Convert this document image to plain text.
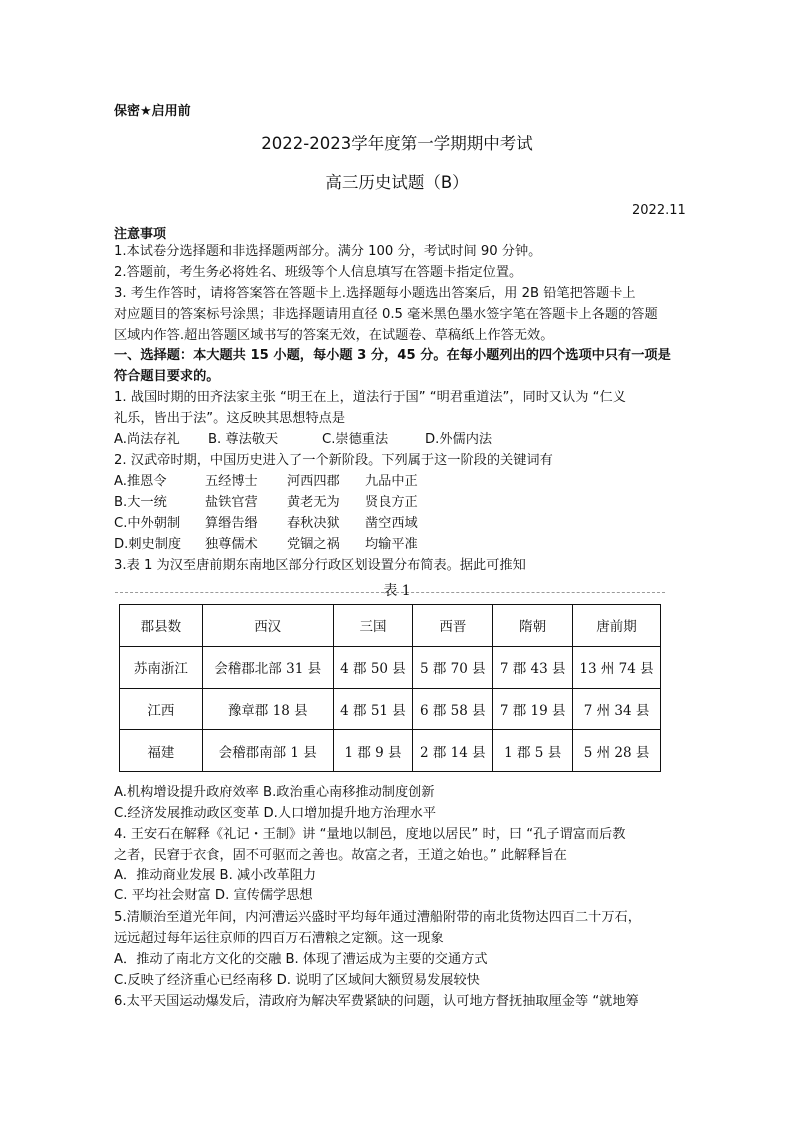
保密★启用前
2022-2023学年度第一学期期中考试
高三历史试题（B）
2022.11
注意事项
1.本试卷分选择题和非选择题两部分。满分 100 分，考试时间 90 分钟。
2.答题前，考生务必将姓名、班级等个人信息填写在答题卡指定位置。
3. 考生作答时，请将答案答在答题卡上.选择题每小题选出答案后，用 2B 铅笔把答题卡上
对应题目的答案标号涂黑；非选择题请用直径 0.5 毫米黑色墨水签字笔在答题卡上各题的答题
区域内作答.超出答题区域书写的答案无效，在试题卷、草稿纸上作答无效。
一、选择题：本大题共 15 小题，每小题 3 分，45 分。在每小题列出的四个选项中只有一项是
符合题目要求的。
1. 战国时期的田齐法家主张 “明王在上，道法行于国” “明君重道法”，同时又认为 “仁义
礼乐，皆出于法”。这反映其思想特点是
A.尚法存礼 B. 尊法敬天	C.崇德重法	D.外儒内法
2. 汉武帝时期，中国历史进入了一个新阶段。下列属于这一阶段的关键词有
A.推恩令	五经博士 河西四郡 九品中正
B.大一统	盐铁官营 黄老无为 贤良方正
C.中外朝制 算缗告缗 春秋决狱 凿空西域
D.刺史制度 独尊儒术 党锢之祸 均输平准
3.表 1 为汉至唐前期东南地区部分行政区划设置分布简表。据此可推知
表 1
郡县数	西汉	三国	西晋	隋朝	唐前期
苏南浙江	会稽郡北部 31 县	4 郡 50 县	5 郡 70 县	7 郡 43 县	13 州 74 县
江西	豫章郡 18 县	4 郡 51 县	6 郡 58 县	7 郡 19 县	7 州 34 县
福建	会稽郡南部 1 县	1 郡 9 县	2 郡 14 县	1 郡 5 县	5 州 28 县
A.机构增设提升政府效率 B.政治重心南移推动制度创新
C.经济发展推动政区变革 D.人口增加提升地方治理水平
4. 王安石在解释《礼记・王制》讲 “量地以制邑，度地以居民” 时，曰 “孔子谓富而后教
之者，民窘于衣食，固不可驱而之善也。故富之者，王道之始也。” 此解释旨在
A．推动商业发展 B. 减小改革阻力
C. 平均社会财富 D. 宣传儒学思想
5.清顺治至道光年间，内河漕运兴盛时平均每年通过漕船附带的南北货物达四百二十万石，
远远超过每年运往京师的四百万石漕粮之定额。这一现象
A．推动了南北方文化的交融 B. 体现了漕运成为主要的交通方式
C.反映了经济重心已经南移 D. 说明了区域间大额贸易发展较快
6.太平天国运动爆发后，清政府为解决军费紧缺的问题，认可地方督抚抽取厘金等 “就地筹
